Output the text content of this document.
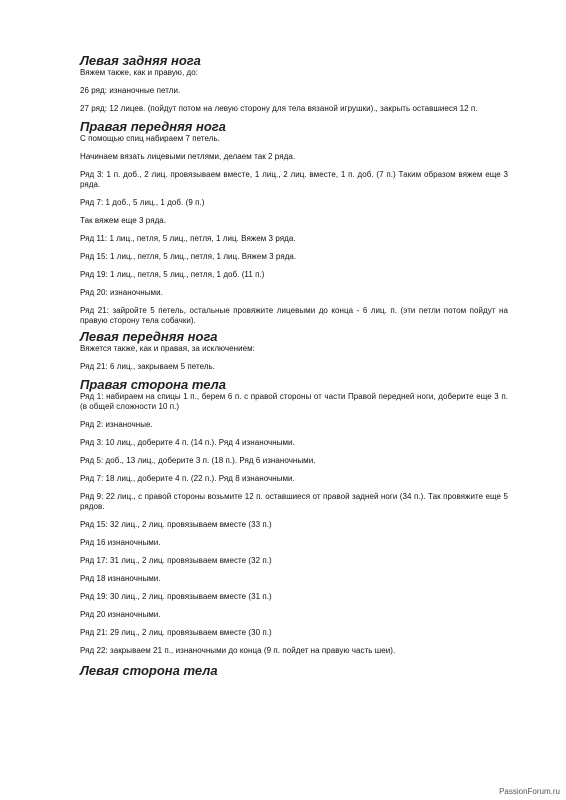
Левая задняя нога

Вяжем также, как и правую, до:

26 ряд: изнаночные петли.

27 ряд: 12 лицев. (пойдут потом на левую сторону для тела вязаной игрушки)., закрыть оставшиеся 12 п.

Правая передняя нога

С помощью спиц набираем 7 петель.

Начинаем вязать лицевыми петлями, делаем так 2 ряда.

Ряд 3: 1 п. доб., 2 лиц. провязываем вместе, 1 лиц., 2 лиц. вместе, 1 п. доб. (7 п.) Таким образом вяжем еще 3 ряда.

Ряд 7: 1 доб., 5 лиц., 1 доб. (9 п.)

Так вяжем еще 3 ряда.

Ряд 11: 1 лиц., петля, 5 лиц., петля, 1 лиц. Вяжем 3 ряда.

Ряд 15: 1 лиц., петля, 5 лиц., петля, 1 лиц. Вяжем 3 ряда.

Ряд 19: 1 лиц., петля, 5 лиц., петля, 1 доб. (11 п.)

Ряд 20: изнаночными.

Ряд 21: зайройте 5 петель, остальные провяжите лицевыми до конца - 6 лиц. п. (эти петли потом пойдут на правую сторону тела собачки).

Левая передняя нога

Вяжется также, как и правая, за исключением:

Ряд 21: 6 лиц., закрываем 5 петель.

Правая сторона тела

Ряд 1: набираем на спицы 1 п., берем 6 п. с правой стороны от части Правой передней ноги, доберите еще 3 п. (в общей сложности 10 п.)

Ряд 2: изнаночные.

Ряд 3: 10 лиц., доберите 4 п. (14 п.). Ряд 4 изнаночными.

Ряд 5: доб., 13 лиц., доберите 3 п. (18 п.). Ряд 6 изнаночными.

Ряд 7: 18 лиц., доберите 4 п. (22 п.). Ряд 8 изнаночными.

Ряд 9: 22 лиц., с правой стороны возьмите 12 п. оставшиеся от правой задней ноги (34 п.). Так провяжите еще 5 рядов.

Ряд 15: 32 лиц., 2 лиц. провязываем вместе (33 п.)

Ряд 16 изнаночными.

Ряд 17: 31 лиц., 2 лиц. провязываем вместе (32 п.)

Ряд 18 изнаночными.

Ряд 19: 30 лиц., 2 лиц. провязываем вместе (31 п.)

Ряд 20 изнаночными.

Ряд 21: 29 лиц., 2 лиц. провязываем вместе (30 п.)

Ряд 22: закрываем 21 п., изнаночными до конца (9 п. пойдет на правую часть шеи).

Левая сторона тела
PassionForum.ru
